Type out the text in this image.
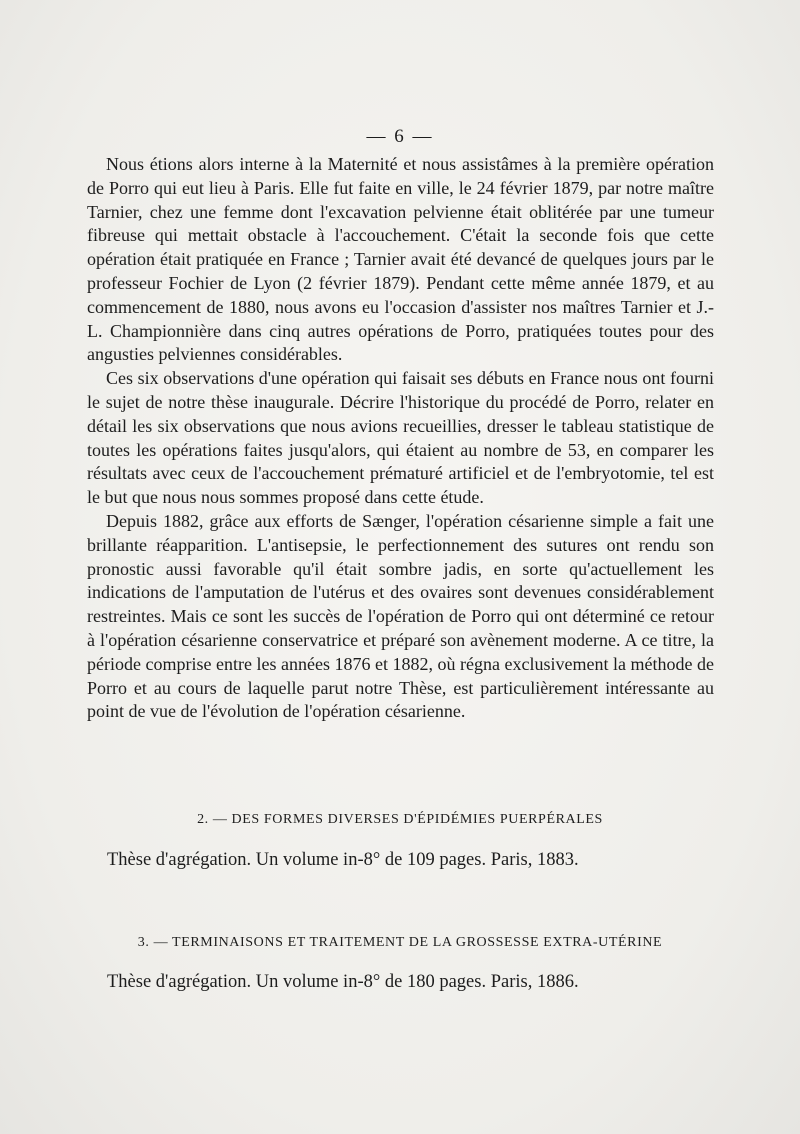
— 6 —

Nous étions alors interne à la Maternité et nous assistâmes à la première opération de Porro qui eut lieu à Paris. Elle fut faite en ville, le 24 février 1879, par notre maître Tarnier, chez une femme dont l'excavation pelvienne était oblitérée par une tumeur fibreuse qui mettait obstacle à l'accouchement. C'était la seconde fois que cette opération était pratiquée en France ; Tarnier avait été devancé de quelques jours par le professeur Fochier de Lyon (2 février 1879). Pendant cette même année 1879, et au commencement de 1880, nous avons eu l'occasion d'assister nos maîtres Tarnier et J.-L. Championnière dans cinq autres opérations de Porro, pratiquées toutes pour des angusties pelviennes considérables.

Ces six observations d'une opération qui faisait ses débuts en France nous ont fourni le sujet de notre thèse inaugurale. Décrire l'historique du procédé de Porro, relater en détail les six observations que nous avions recueillies, dresser le tableau statistique de toutes les opérations faites jusqu'alors, qui étaient au nombre de 53, en comparer les résultats avec ceux de l'accouchement prématuré artificiel et de l'embryotomie, tel est le but que nous nous sommes proposé dans cette étude.

Depuis 1882, grâce aux efforts de Sænger, l'opération césarienne simple a fait une brillante réapparition. L'antisepsie, le perfectionnement des sutures ont rendu son pronostic aussi favorable qu'il était sombre jadis, en sorte qu'actuellement les indications de l'amputation de l'utérus et des ovaires sont devenues considérablement restreintes. Mais ce sont les succès de l'opération de Porro qui ont déterminé ce retour à l'opération césarienne conservatrice et préparé son avènement moderne. A ce titre, la période comprise entre les années 1876 et 1882, où régna exclusivement la méthode de Porro et au cours de laquelle parut notre Thèse, est particulièrement intéressante au point de vue de l'évolution de l'opération césarienne.

2. — DES FORMES DIVERSES D'ÉPIDÉMIES PUERPÉRALES
Thèse d'agrégation. Un volume in-8° de 109 pages. Paris, 1883.
3. — TERMINAISONS ET TRAITEMENT DE LA GROSSESSE EXTRA-UTÉRINE
Thèse d'agrégation. Un volume in-8° de 180 pages. Paris, 1886.
